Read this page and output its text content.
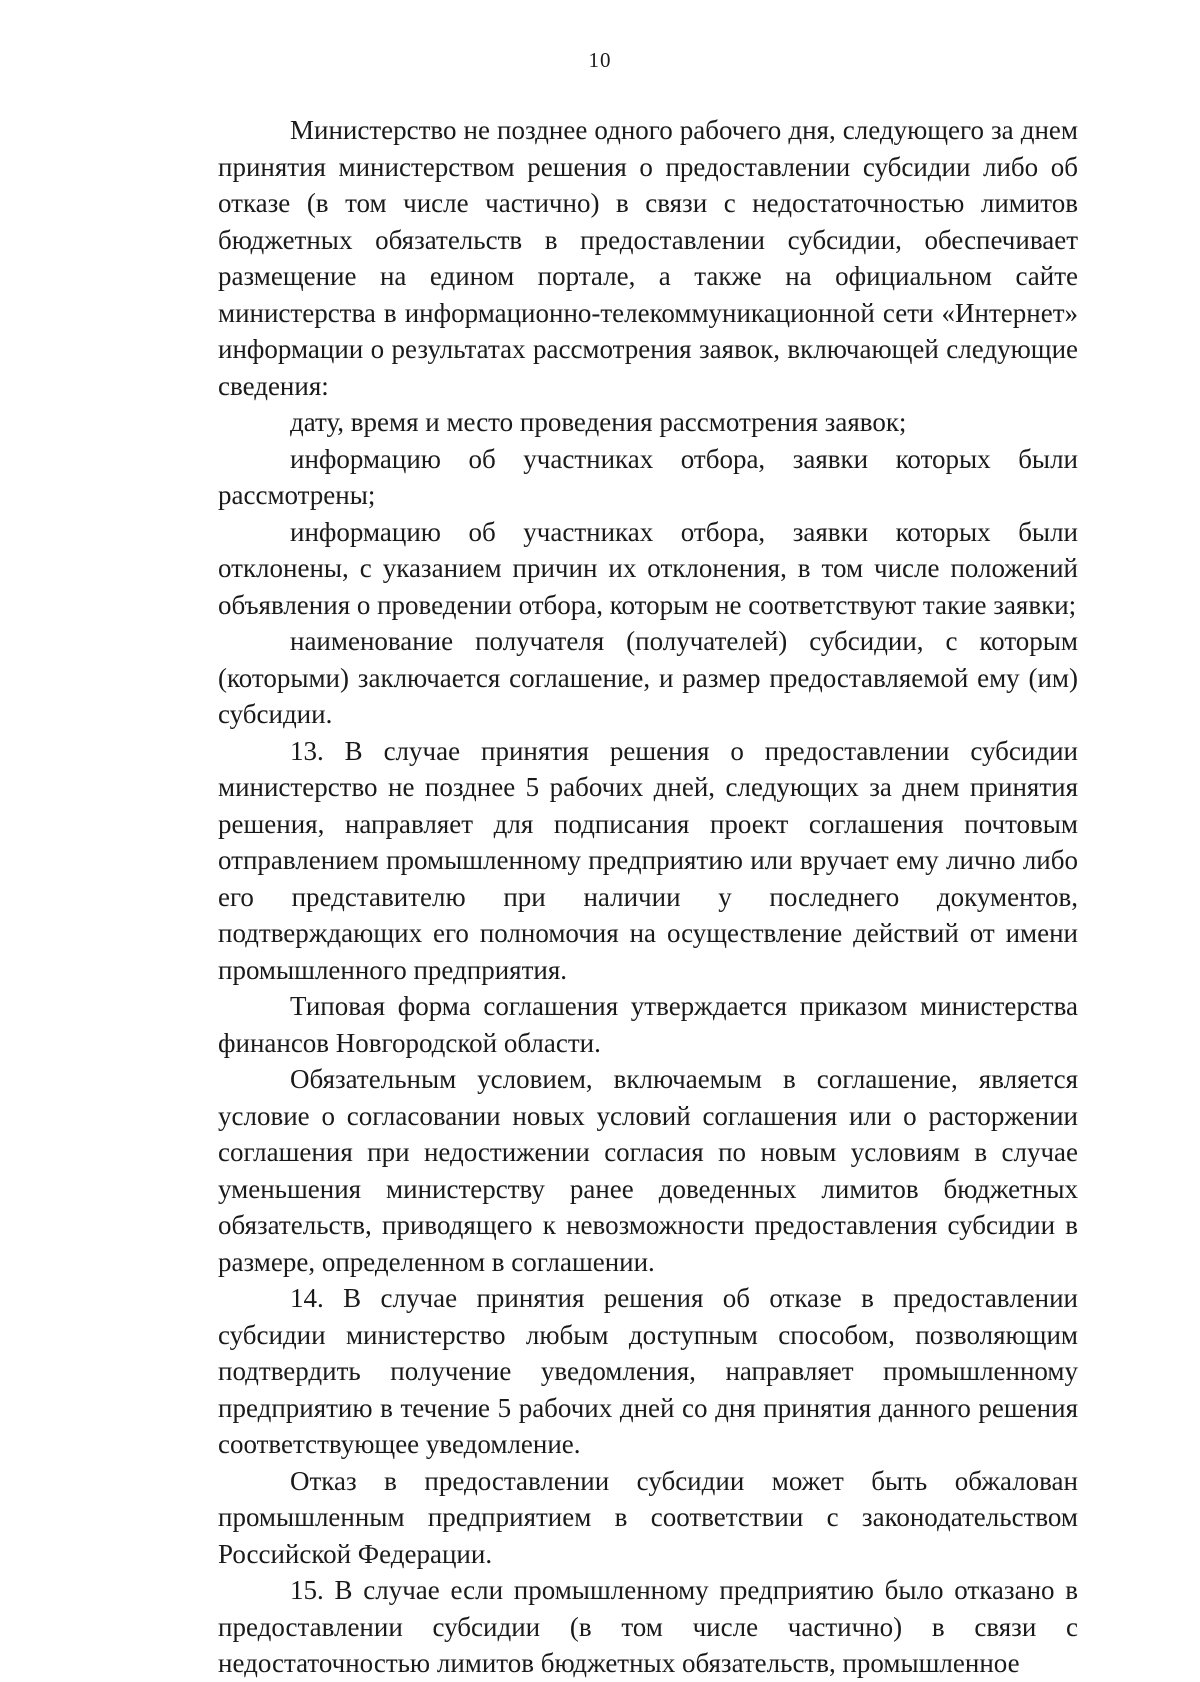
10

Министерство не позднее одного рабочего дня, следующего за днем принятия министерством решения о предоставлении субсидии либо об отказе (в том числе частично) в связи с недостаточностью лимитов бюджетных обязательств в предоставлении субсидии, обеспечивает размещение на едином портале, а также на официальном сайте министерства в информационно-телекоммуникационной сети «Интернет» информации о результатах рассмотрения заявок, включающей следующие сведения:

дату, время и место проведения рассмотрения заявок;

информацию об участниках отбора, заявки которых были рассмотрены;

информацию об участниках отбора, заявки которых были отклонены, с указанием причин их отклонения, в том числе положений объявления о проведении отбора, которым не соответствуют такие заявки;

наименование получателя (получателей) субсидии, с которым (которыми) заключается соглашение, и размер предоставляемой ему (им) субсидии.

13. В случае принятия решения о предоставлении субсидии министерство не позднее 5 рабочих дней, следующих за днем принятия решения, направляет для подписания проект соглашения почтовым отправлением промышленному предприятию или вручает ему лично либо его представителю при наличии у последнего документов, подтверждающих его полномочия на осуществление действий от имени промышленного предприятия.

Типовая форма соглашения утверждается приказом министерства финансов Новгородской области.

Обязательным условием, включаемым в соглашение, является условие о согласовании новых условий соглашения или о расторжении соглашения при недостижении согласия по новым условиям в случае уменьшения министерству ранее доведенных лимитов бюджетных обязательств, приводящего к невозможности предоставления субсидии в размере, определенном в соглашении.

14. В случае принятия решения об отказе в предоставлении субсидии министерство любым доступным способом, позволяющим подтвердить получение уведомления, направляет промышленному предприятию в течение 5 рабочих дней со дня принятия данного решения соответствующее уведомление.

Отказ в предоставлении субсидии может быть обжалован промышленным предприятием в соответствии с законодательством Российской Федерации.

15. В случае если промышленному предприятию было отказано в предоставлении субсидии (в том числе частично) в связи с недостаточностью лимитов бюджетных обязательств, промышленное
